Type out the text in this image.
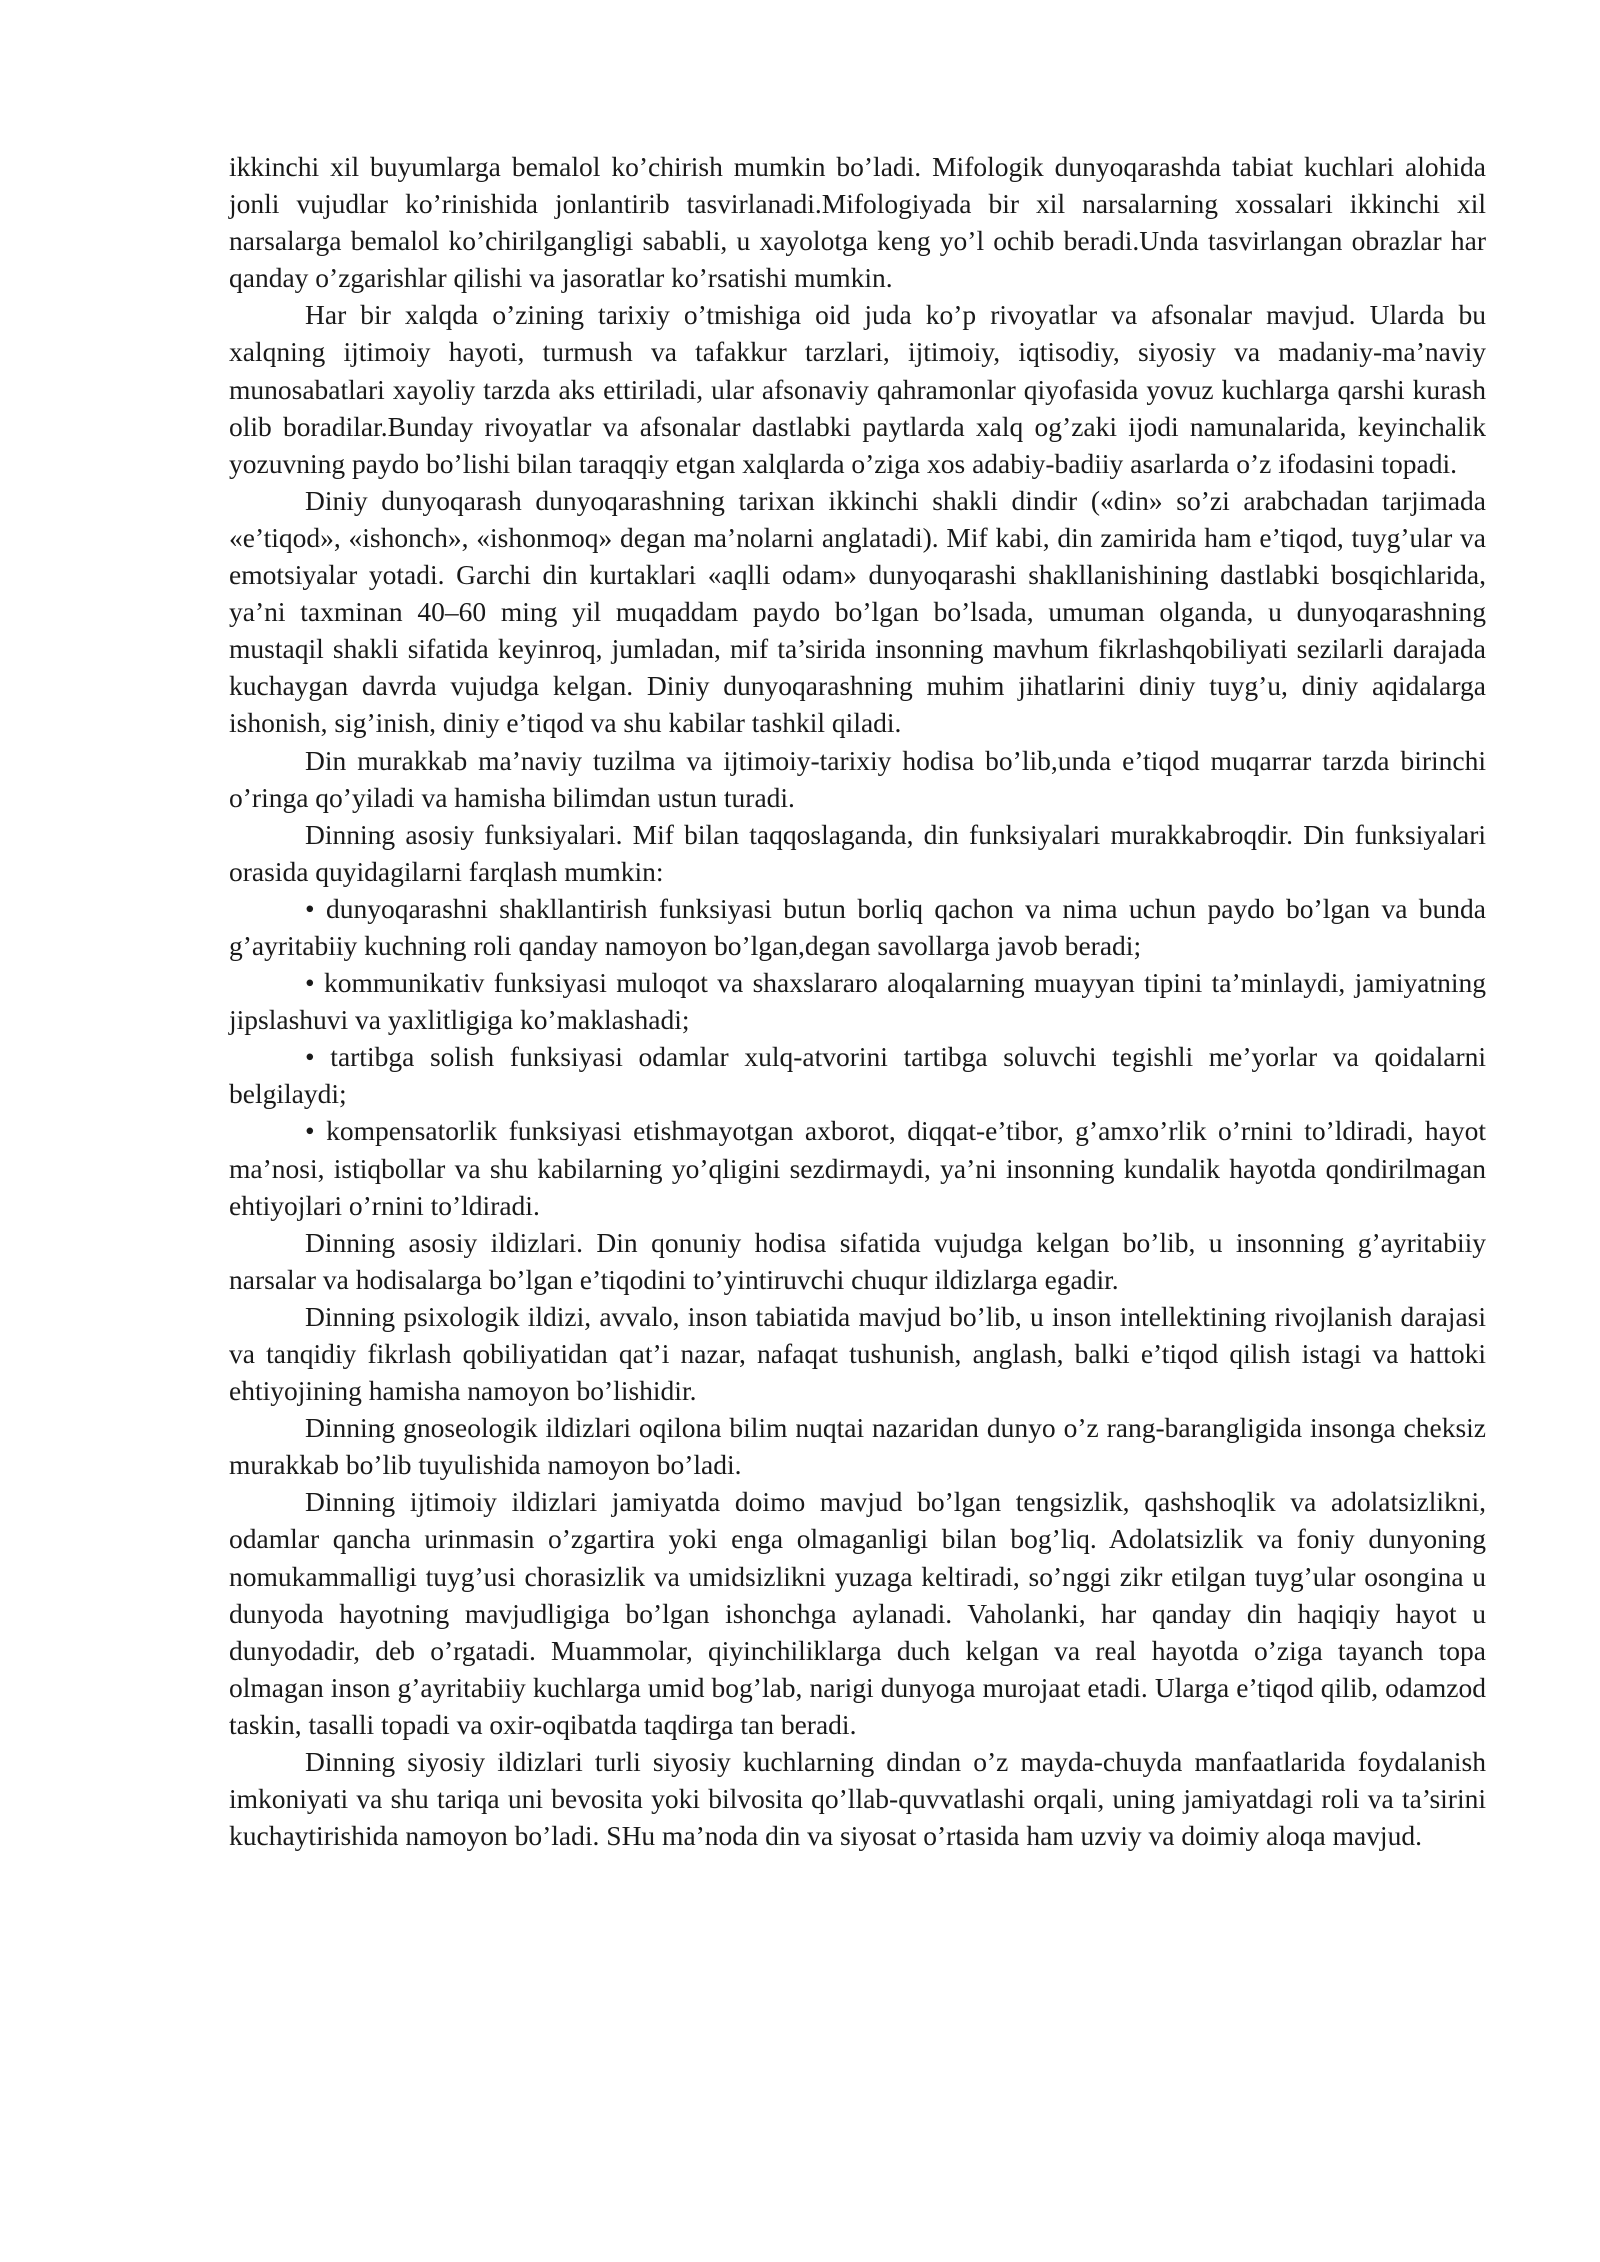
ikkinchi xil buyumlarga bemalol ko’chirish mumkin bo’ladi. Mifologik dunyoqarashda tabiat kuchlari alohida jonli vujudlar ko’rinishida jonlantirib tasvirlanadi.Mifologiyada bir xil narsalarning xossalari ikkinchi xil narsalarga bemalol ko’chirilgangligi sababli, u xayolotga keng yo’l ochib beradi.Unda tasvirlangan obrazlar har qanday o’zgarishlar qilishi va jasoratlar ko’rsatishi mumkin.

Har bir xalqda o’zining tarixiy o’tmishiga oid juda ko’p rivoyatlar va afsonalar mavjud. Ularda bu xalqning ijtimoiy hayoti, turmush va tafakkur tarzlari, ijtimoiy, iqtisodiy, siyosiy va madaniy-ma’naviy munosabatlari xayoliy tarzda aks ettiriladi, ular afsonaviy qahramonlar qiyofasida yovuz kuchlarga qarshi kurash olib boradilar.Bunday rivoyatlar va afsonalar dastlabki paytlarda xalq og’zaki ijodi namunalarida, keyinchalik yozuvning paydo bo’lishi bilan taraqqiy etgan xalqlarda o’ziga xos adabiy-badiiy asarlarda o’z ifodasini topadi.

Diniy dunyoqarash dunyoqarashning tarixan ikkinchi shakli dindir («din» so’zi arabchadan tarjimada «e’tiqod», «ishonch», «ishonmoq» degan ma’nolarni anglatadi). Mif kabi, din zamirida ham e’tiqod, tuyg’ular va emotsiyalar yotadi. Garchi din kurtaklari «aqlli odam» dunyoqarashi shakllanishining dastlabki bosqichlarida, ya’ni taxminan 40–60 ming yil muqaddam paydo bo’lgan bo’lsada, umuman olganda, u dunyoqarashning mustaqil shakli sifatida keyinroq, jumladan, mif ta’sirida insonning mavhum fikrlashqobiliyati sezilarli darajada kuchaygan davrda vujudga kelgan. Diniy dunyoqarashning muhim jihatlarini diniy tuyg’u, diniy aqidalarga ishonish, sig’inish, diniy e’tiqod va shu kabilar tashkil qiladi.

Din murakkab ma’naviy tuzilma va ijtimoiy-tarixiy hodisa bo’lib,unda e’tiqod muqarrar tarzda birinchi o’ringa qo’yiladi va hamisha bilimdan ustun turadi.

Dinning asosiy funksiyalari. Mif bilan taqqoslaganda, din funksiyalari murakkabroqdir. Din funksiyalari orasida quyidagilarni farqlash mumkin:

• dunyoqarashni shakllantirish funksiyasi butun borliq qachon va nima uchun paydo bo’lgan va bunda g’ayritabiiy kuchning roli qanday namoyon bo’lgan,degan savollarga javob beradi;

• kommunikativ funksiyasi muloqot va shaxslararo aloqalarning muayyan tipini ta’minlaydi, jamiyatning jipslashuvi va yaxlitligiga ko’maklashadi;

• tartibga solish funksiyasi odamlar xulq-atvorini tartibga soluvchi tegishli me’yorlar va qoidalarni belgilaydi;

• kompensatorlik funksiyasi etishmayotgan axborot, diqqat-e’tibor, g’amxo’rlik o’rnini to’ldiradi, hayot ma’nosi, istiqbollar va shu kabilarning yo’qligini sezdirmaydi, ya’ni insonning kundalik hayotda qondirilmagan ehtiyojlari o’rnini to’ldiradi.

Dinning asosiy ildizlari. Din qonuniy hodisa sifatida vujudga kelgan bo’lib, u insonning g’ayritabiiy narsalar va hodisalarga bo’lgan e’tiqodini to’yintiruvchi chuqur ildizlarga egadir.

Dinning psixologik ildizi, avvalo, inson tabiatida mavjud bo’lib, u inson intellektining rivojlanish darajasi va tanqidiy fikrlash qobiliyatidan qat’i nazar, nafaqat tushunish, anglash, balki e’tiqod qilish istagi va hattoki ehtiyojining hamisha namoyon bo’lishidir.

Dinning gnoseologik ildizlari oqilona bilim nuqtai nazaridan dunyo o’z rang-barangligida insonga cheksiz murakkab bo’lib tuyulishida namoyon bo’ladi.

Dinning ijtimoiy ildizlari jamiyatda doimo mavjud bo’lgan tengsizlik, qashshoqlik va adolatsizlikni, odamlar qancha urinmasin o’zgartira yoki enga olmaganligi bilan bog’liq. Adolatsizlik va foniy dunyoning nomukammalligi tuyg’usi chorasizlik va umidsizlikni yuzaga keltiradi, so’nggi zikr etilgan tuyg’ular osongina u dunyoda hayotning mavjudligiga bo’lgan ishonchga aylanadi. Vaholanki, har qanday din haqiqiy hayot u dunyodadir, deb o’rgatadi. Muammolar, qiyinchiliklarga duch kelgan va real hayotda o’ziga tayanch topa olmagan inson g’ayritabiiy kuchlarga umid bog’lab, narigi dunyoga murojaat etadi. Ularga e’tiqod qilib, odamzod taskin, tasalli topadi va oxir-oqibatda taqdirga tan beradi.

Dinning siyosiy ildizlari turli siyosiy kuchlarning dindan o’z mayda-chuyda manfaatlarida foydalanish imkoniyati va shu tariqa uni bevosita yoki bilvosita qo’llab-quvvatlashi orqali, uning jamiyatdagi roli va ta’sirini kuchaytirishida namoyon bo’ladi. SHu ma’noda din va siyosat o’rtasida ham uzviy va doimiy aloqa mavjud.
